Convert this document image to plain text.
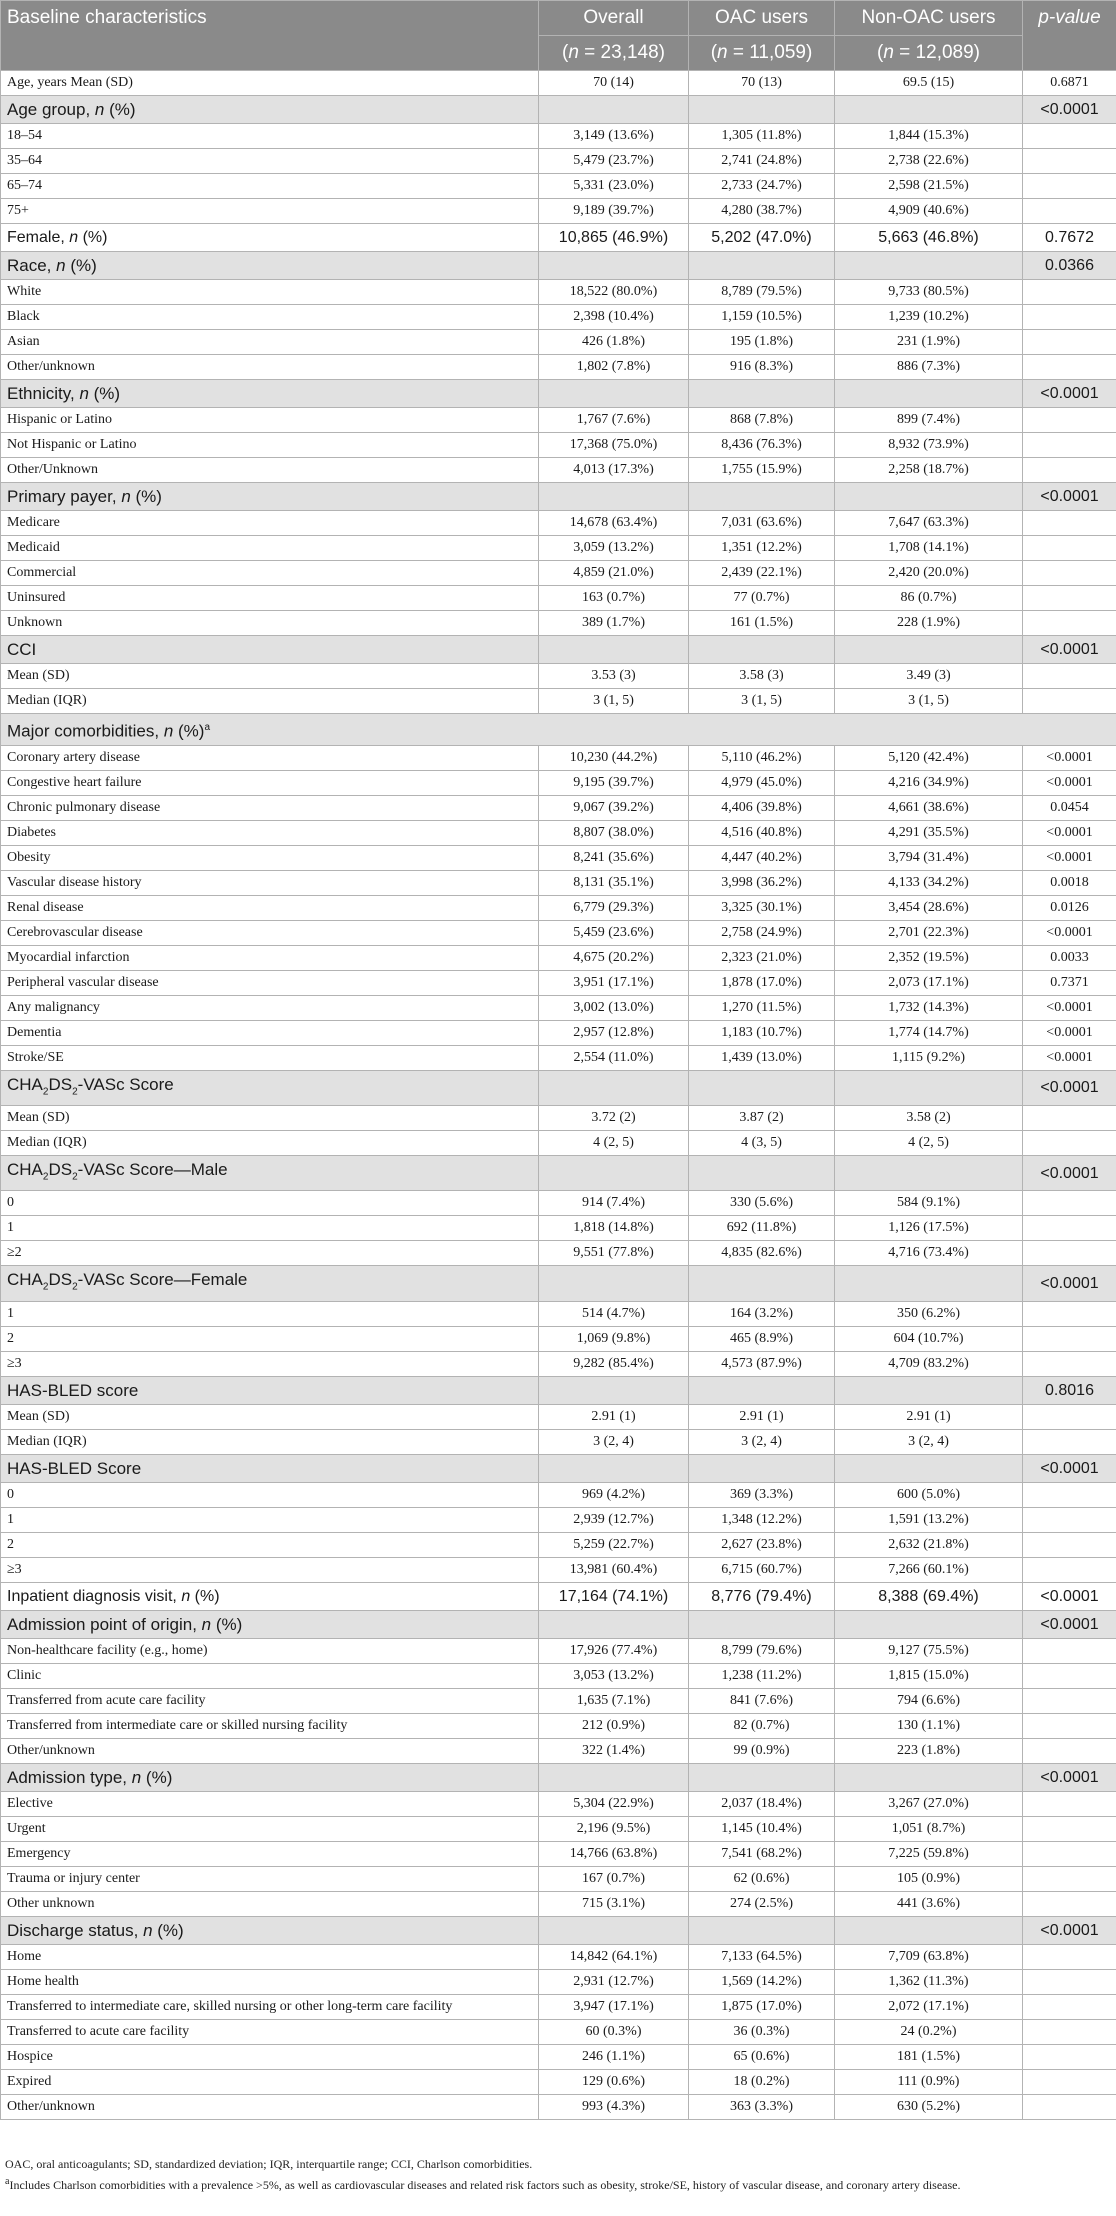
Baseline characteristics	Overall	OAC users	Non-OAC users	p-value
	(n = 23,148)	(n = 11,059)	(n = 12,089)	
Age, years Mean (SD)	70 (14)	70 (13)	69.5 (15)	0.6871
Age group, n (%)				<0.0001
18–54	3,149 (13.6%)	1,305 (11.8%)	1,844 (15.3%)	
35–64	5,479 (23.7%)	2,741 (24.8%)	2,738 (22.6%)	
65–74	5,331 (23.0%)	2,733 (24.7%)	2,598 (21.5%)	
75+	9,189 (39.7%)	4,280 (38.7%)	4,909 (40.6%)	
Female, n (%)	10,865 (46.9%)	5,202 (47.0%)	5,663 (46.8%)	0.7672
Race, n (%)				0.0366
White	18,522 (80.0%)	8,789 (79.5%)	9,733 (80.5%)	
Black	2,398 (10.4%)	1,159 (10.5%)	1,239 (10.2%)	
Asian	426 (1.8%)	195 (1.8%)	231 (1.9%)	
Other/unknown	1,802 (7.8%)	916 (8.3%)	886 (7.3%)	
Ethnicity, n (%)				<0.0001
Hispanic or Latino	1,767 (7.6%)	868 (7.8%)	899 (7.4%)	
Not Hispanic or Latino	17,368 (75.0%)	8,436 (76.3%)	8,932 (73.9%)	
Other/Unknown	4,013 (17.3%)	1,755 (15.9%)	2,258 (18.7%)	
Primary payer, n (%)				<0.0001
Medicare	14,678 (63.4%)	7,031 (63.6%)	7,647 (63.3%)	
Medicaid	3,059 (13.2%)	1,351 (12.2%)	1,708 (14.1%)	
Commercial	4,859 (21.0%)	2,439 (22.1%)	2,420 (20.0%)	
Uninsured	163 (0.7%)	77 (0.7%)	86 (0.7%)	
Unknown	389 (1.7%)	161 (1.5%)	228 (1.9%)	
CCI				<0.0001
Mean (SD)	3.53 (3)	3.58 (3)	3.49 (3)	
Median (IQR)	3 (1, 5)	3 (1, 5)	3 (1, 5)	
Major comorbidities, n (%)$^a$
Coronary artery disease	10,230 (44.2%)	5,110 (46.2%)	5,120 (42.4%)	<0.0001
Congestive heart failure	9,195 (39.7%)	4,979 (45.0%)	4,216 (34.9%)	<0.0001
Chronic pulmonary disease	9,067 (39.2%)	4,406 (39.8%)	4,661 (38.6%)	0.0454
Diabetes	8,807 (38.0%)	4,516 (40.8%)	4,291 (35.5%)	<0.0001
Obesity	8,241 (35.6%)	4,447 (40.2%)	3,794 (31.4%)	<0.0001
Vascular disease history	8,131 (35.1%)	3,998 (36.2%)	4,133 (34.2%)	0.0018
Renal disease	6,779 (29.3%)	3,325 (30.1%)	3,454 (28.6%)	0.0126
Cerebrovascular disease	5,459 (23.6%)	2,758 (24.9%)	2,701 (22.3%)	<0.0001
Myocardial infarction	4,675 (20.2%)	2,323 (21.0%)	2,352 (19.5%)	0.0033
Peripheral vascular disease	3,951 (17.1%)	1,878 (17.0%)	2,073 (17.1%)	0.7371
Any malignancy	3,002 (13.0%)	1,270 (11.5%)	1,732 (14.3%)	<0.0001
Dementia	2,957 (12.8%)	1,183 (10.7%)	1,774 (14.7%)	<0.0001
Stroke/SE	2,554 (11.0%)	1,439 (13.0%)	1,115 (9.2%)	<0.0001
$CHA_2DS_2$-VASc Score				<0.0001
Mean (SD)	3.72 (2)	3.87 (2)	3.58 (2)	
Median (IQR)	4 (2, 5)	4 (3, 5)	4 (2, 5)	
$CHA_2DS_2$-VASc Score—Male				<0.0001
0	914 (7.4%)	330 (5.6%)	584 (9.1%)	
1	1,818 (14.8%)	692 (11.8%)	1,126 (17.5%)	
≥2	9,551 (77.8%)	4,835 (82.6%)	4,716 (73.4%)	
$CHA_2DS_2$-VASc Score—Female				<0.0001
1	514 (4.7%)	164 (3.2%)	350 (6.2%)	
2	1,069 (9.8%)	465 (8.9%)	604 (10.7%)	
≥3	9,282 (85.4%)	4,573 (87.9%)	4,709 (83.2%)	
HAS-BLED score				0.8016
Mean (SD)	2.91 (1)	2.91 (1)	2.91 (1)	
Median (IQR)	3 (2, 4)	3 (2, 4)	3 (2, 4)	
HAS-BLED Score				<0.0001
0	969 (4.2%)	369 (3.3%)	600 (5.0%)	
1	2,939 (12.7%)	1,348 (12.2%)	1,591 (13.2%)	
2	5,259 (22.7%)	2,627 (23.8%)	2,632 (21.8%)	
≥3	13,981 (60.4%)	6,715 (60.7%)	7,266 (60.1%)	
Inpatient diagnosis visit, n (%)	17,164 (74.1%)	8,776 (79.4%)	8,388 (69.4%)	<0.0001
Admission point of origin, n (%)				<0.0001
Non-healthcare facility (e.g., home)	17,926 (77.4%)	8,799 (79.6%)	9,127 (75.5%)	
Clinic	3,053 (13.2%)	1,238 (11.2%)	1,815 (15.0%)	
Transferred from acute care facility	1,635 (7.1%)	841 (7.6%)	794 (6.6%)	
Transferred from intermediate care or skilled nursing facility	212 (0.9%)	82 (0.7%)	130 (1.1%)	
Other/unknown	322 (1.4%)	99 (0.9%)	223 (1.8%)	
Admission type, n (%)				<0.0001
Elective	5,304 (22.9%)	2,037 (18.4%)	3,267 (27.0%)	
Urgent	2,196 (9.5%)	1,145 (10.4%)	1,051 (8.7%)	
Emergency	14,766 (63.8%)	7,541 (68.2%)	7,225 (59.8%)	
Trauma or injury center	167 (0.7%)	62 (0.6%)	105 (0.9%)	
Other unknown	715 (3.1%)	274 (2.5%)	441 (3.6%)	
Discharge status, n (%)				<0.0001
Home	14,842 (64.1%)	7,133 (64.5%)	7,709 (63.8%)	
Home health	2,931 (12.7%)	1,569 (14.2%)	1,362 (11.3%)	
Transferred to intermediate care, skilled nursing or other long-term care facility	3,947 (17.1%)	1,875 (17.0%)	2,072 (17.1%)	
Transferred to acute care facility	60 (0.3%)	36 (0.3%)	24 (0.2%)	
Hospice	246 (1.1%)	65 (0.6%)	181 (1.5%)	
Expired	129 (0.6%)	18 (0.2%)	111 (0.9%)	
Other/unknown	993 (4.3%)	363 (3.3%)	630 (5.2%)	
OAC, oral anticoagulants; SD, standardized deviation; IQR, interquartile range; CCI, Charlson comorbidities.
$^a$Includes Charlson comorbidities with a prevalence >5%, as well as cardiovascular diseases and related risk factors such as obesity, stroke/SE, history of vascular disease, and coronary artery disease.
